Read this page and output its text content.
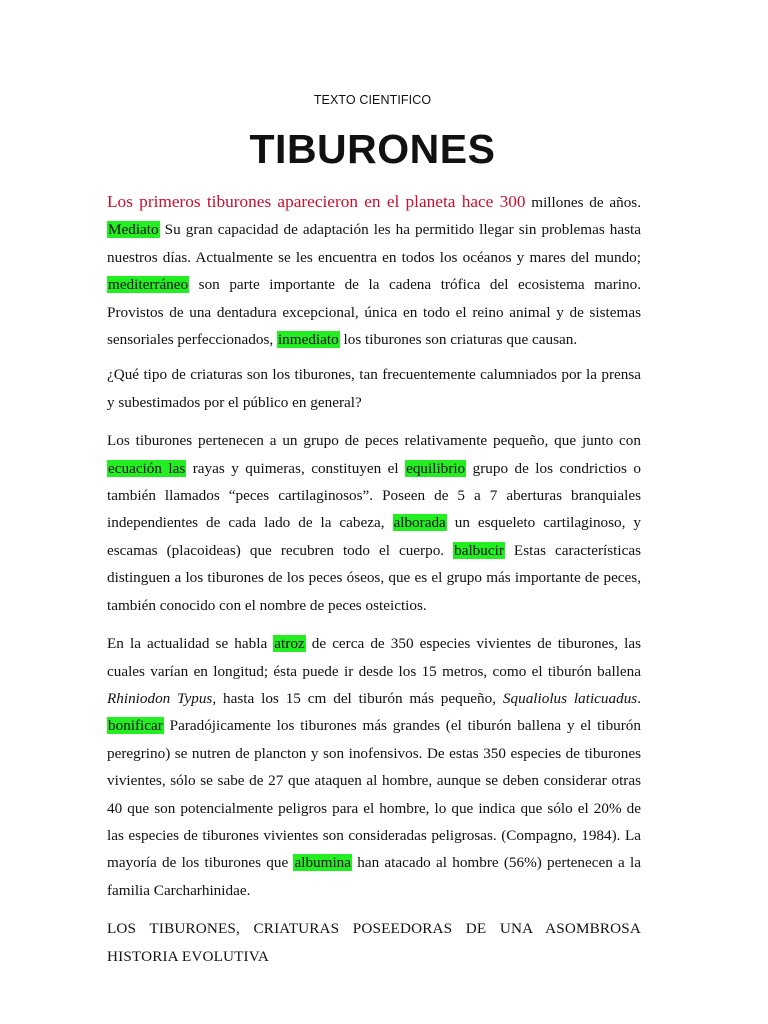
TEXTO CIENTIFICO
TIBURONES

Los primeros tiburones aparecieron en el planeta hace 300 millones de años. Mediato Su gran capacidad de adaptación les ha permitido llegar sin problemas hasta nuestros días. Actualmente se les encuentra en todos los océanos y mares del mundo; mediterráneo son parte importante de la cadena trófica del ecosistema marino. Provistos de una dentadura excepcional, única en todo el reino animal y de sistemas sensoriales perfeccionados, inmediato los tiburones son criaturas que causan.

¿Qué tipo de criaturas son los tiburones, tan frecuentemente calumniados por la prensa y subestimados por el público en general?

Los tiburones pertenecen a un grupo de peces relativamente pequeño, que junto con ecuación las rayas y quimeras, constituyen el equilibrio grupo de los condrictios o también llamados “peces cartilaginosos”. Poseen de 5 a 7 aberturas branquiales independientes de cada lado de la cabeza, alborada un esqueleto cartilaginoso, y escamas (placoideas) que recubren todo el cuerpo. balbucir Estas características distinguen a los tiburones de los peces óseos, que es el grupo más importante de peces, también conocido con el nombre de peces osteictios.

En la actualidad se habla atroz de cerca de 350 especies vivientes de tiburones, las cuales varían en longitud; ésta puede ir desde los 15 metros, como el tiburón ballena Rhiniodon Typus, hasta los 15 cm del tiburón más pequeño, Squaliolus laticuadus. bonificar Paradójicamente los tiburones más grandes (el tiburón ballena y el tiburón peregrino) se nutren de plancton y son inofensivos. De estas 350 especies de tiburones vivientes, sólo se sabe de 27 que ataquen al hombre, aunque se deben considerar otras 40 que son potencialmente peligros para el hombre, lo que indica que sólo el 20% de las especies de tiburones vivientes son consideradas peligrosas. (Compagno, 1984). La mayoría de los tiburones que albumina han atacado al hombre (56%) pertenecen a la familia Carcharhinidae.

LOS TIBURONES, CRIATURAS POSEEDORAS DE UNA ASOMBROSA HISTORIA EVOLUTIVA
